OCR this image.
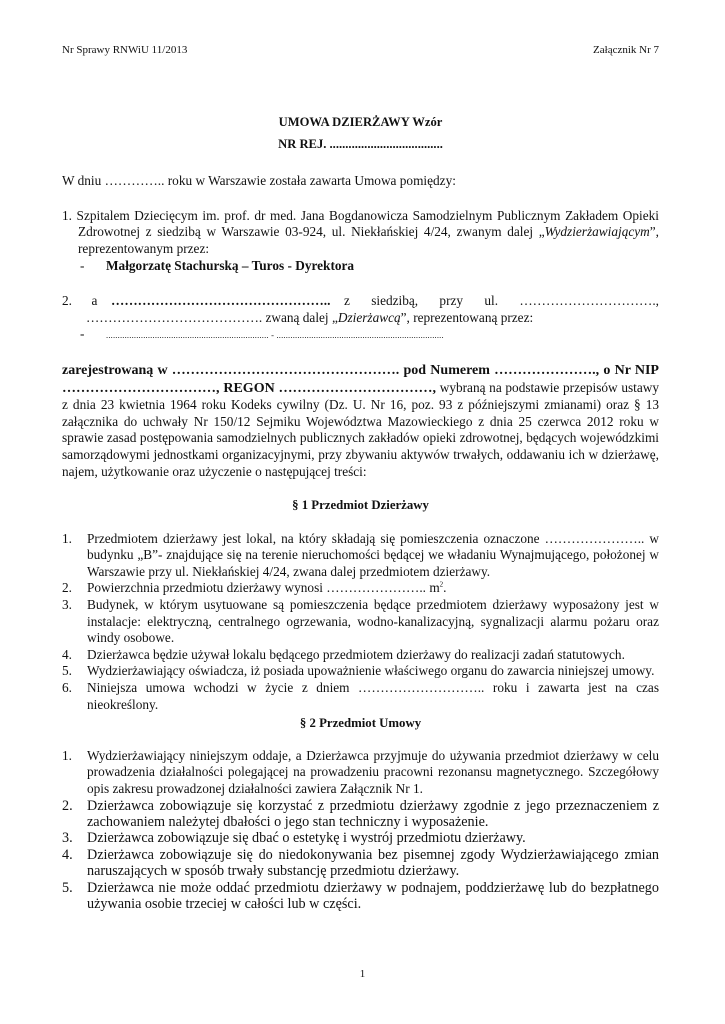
Nr Sprawy RNWiU 11/2013	Załącznik Nr 7

UMOWA DZIERŻAWY Wzór

NR REJ. ....................................

W dniu ………….. roku w Warszawie została zawarta Umowa pomiędzy:

1. Szpitalem Dziecięcym im. prof. dr med. Jana Bogdanowicza Samodzielnym Publicznym Zakładem Opieki Zdrowotnej z siedzibą w Warszawie 03-924, ul. Niekłańskiej 4/24, zwanym dalej „Wydzierżawiającym”, reprezentowanym przez:

- Małgorzatę Stachurską – Turos - Dyrektora

2. a ………………………………………….. z siedzibą, przy ul. ………………………….,

…………………………………. zwaną dalej „Dzierżawcą”, reprezentowaną przez:

-	...................................................................... - ........................................................................

zarejestrowaną w …………………………………………. pod Numerem …………………., o Nr NIP ……………………………, REGON ……………………………, wybraną na podstawie przepisów ustawy z dnia 23 kwietnia 1964 roku Kodeks cywilny (Dz. U. Nr 16, poz. 93 z późniejszymi zmianami) oraz § 13 załącznika do uchwały Nr 150/12 Sejmiku Województwa Mazowieckiego z dnia 25 czerwca 2012 roku w sprawie zasad postępowania samodzielnych publicznych zakładów opieki zdrowotnej, będących wojewódzkimi samorządowymi jednostkami organizacyjnymi, przy zbywaniu aktywów trwałych, oddawaniu ich w dzierżawę, najem, użytkowanie oraz użyczenie o następującej treści:

§ 1 Przedmiot Dzierżawy

1. Przedmiotem dzierżawy jest lokal, na który składają się pomieszczenia oznaczone ………………….. w budynku „B”- znajdujące się na terenie nieruchomości będącej we władaniu Wynajmującego, położonej w Warszawie przy ul. Niekłańskiej 4/24, zwana dalej przedmiotem dzierżawy.
2. Powierzchnia przedmiotu dzierżawy wynosi ………………….. $m^2$.
3. Budynek, w którym usytuowane są pomieszczenia będące przedmiotem dzierżawy wyposażony jest w instalacje: elektryczną, centralnego ogrzewania, wodno-kanalizacyjną, sygnalizacji alarmu pożaru oraz windy osobowe.
4. Dzierżawca będzie używał lokalu będącego przedmiotem dzierżawy do realizacji zadań statutowych.
5. Wydzierżawiający oświadcza, iż posiada upoważnienie właściwego organu do zawarcia niniejszej umowy.
6. Niniejsza umowa wchodzi w życie z dniem ……………………….. roku i zawarta jest na czas nieokreślony.

§ 2 Przedmiot Umowy

1. Wydzierżawiający niniejszym oddaje, a Dzierżawca przyjmuje do używania przedmiot dzierżawy w celu prowadzenia działalności polegającej na prowadzeniu pracowni rezonansu magnetycznego. Szczegółowy opis zakresu prowadzonej działalności zawiera Załącznik Nr 1.
2. Dzierżawca zobowiązuje się korzystać z przedmiotu dzierżawy zgodnie z jego przeznaczeniem z zachowaniem należytej dbałości o jego stan techniczny i wyposażenie.
3. Dzierżawca zobowiązuje się dbać o estetykę i wystrój przedmiotu dzierżawy.
4. Dzierżawca zobowiązuje się do niedokonywania bez pisemnej zgody Wydzierżawiającego zmian naruszających w sposób trwały substancję przedmiotu dzierżawy.
5. Dzierżawca nie może oddać przedmiotu dzierżawy w podnajem, poddzierżawę lub do bezpłatnego używania osobie trzeciej w całości lub w części.
1
